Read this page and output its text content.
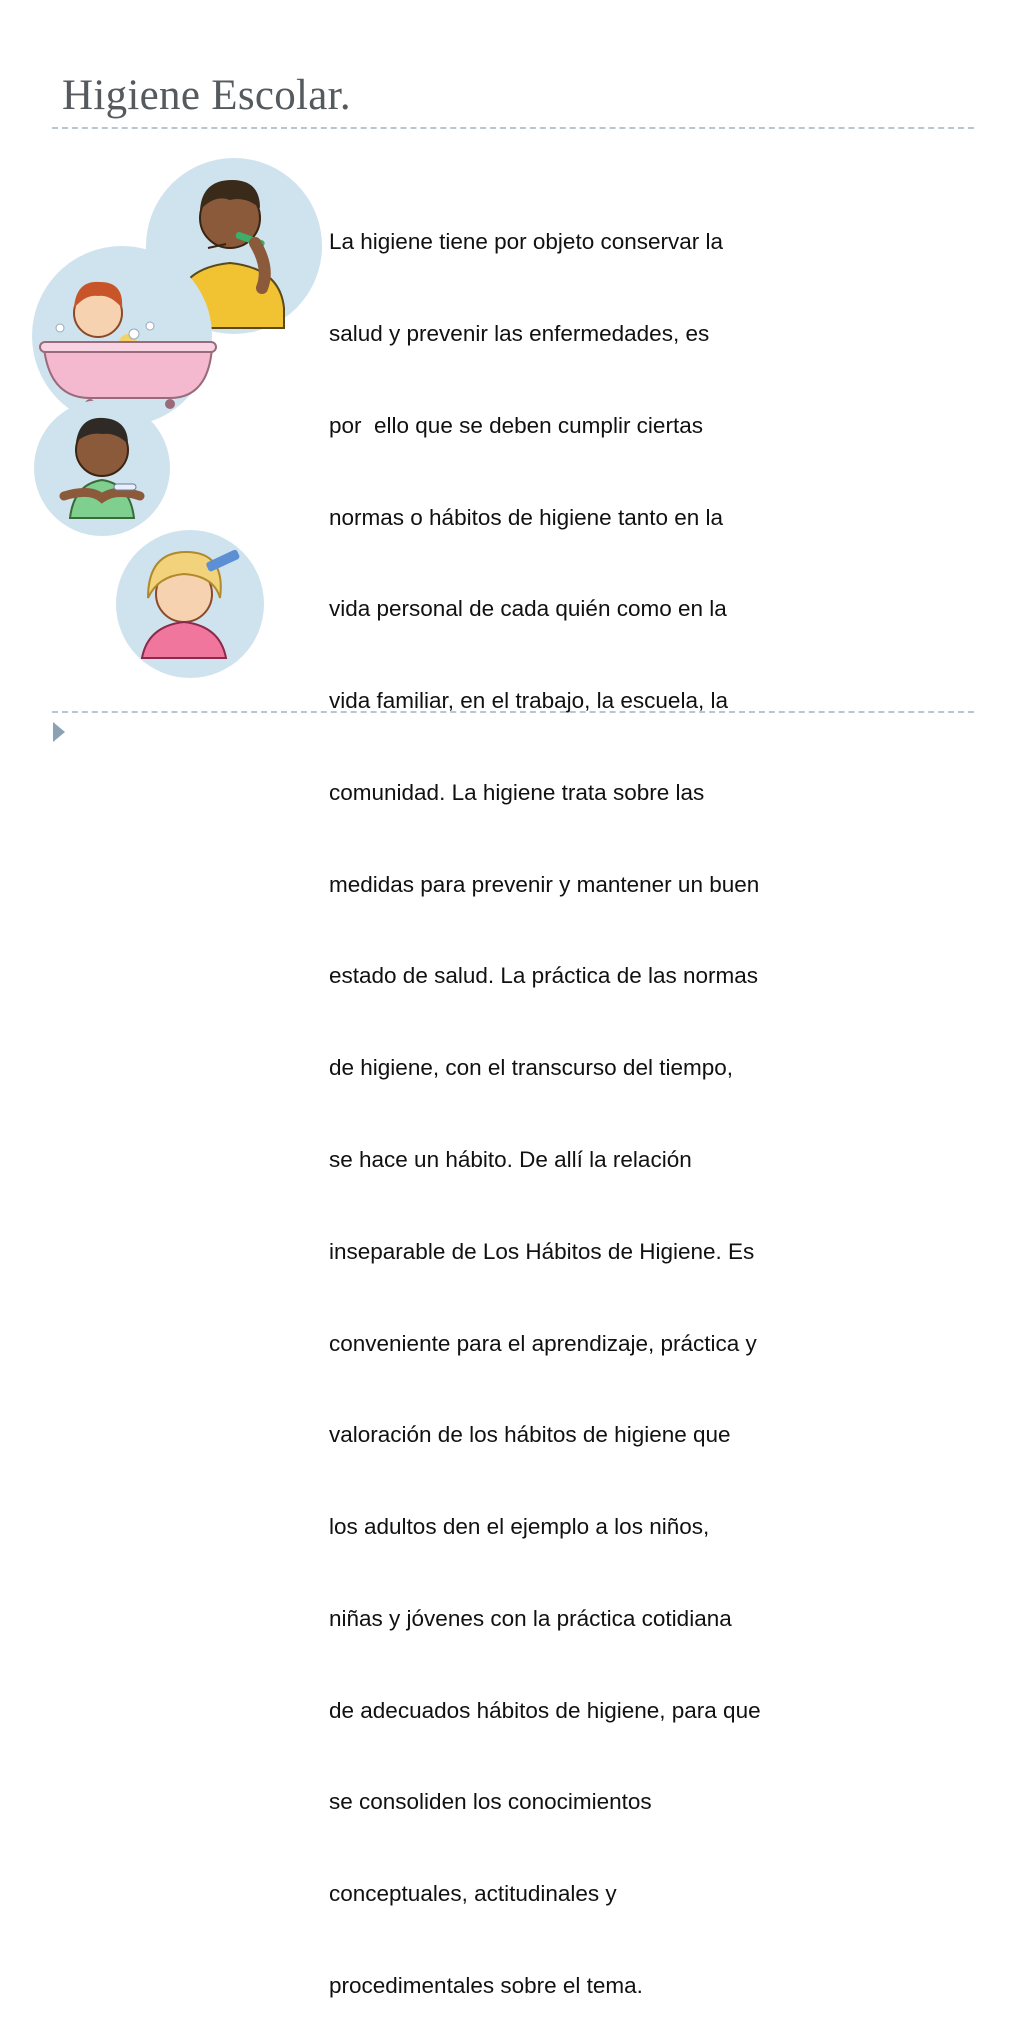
Higiene Escolar.

La higiene tiene por objeto conservar la

salud y prevenir las enfermedades, es

por  ello que se deben cumplir ciertas

normas o hábitos de higiene tanto en la

vida personal de cada quién como en la

vida familiar, en el trabajo, la escuela, la

comunidad. La higiene trata sobre las

medidas para prevenir y mantener un buen

estado de salud. La práctica de las normas

de higiene, con el transcurso del tiempo,

se hace un hábito. De allí la relación

inseparable de Los Hábitos de Higiene. Es

conveniente para el aprendizaje, práctica y

valoración de los hábitos de higiene que

los adultos den el ejemplo a los niños,

niñas y jóvenes con la práctica cotidiana

de adecuados hábitos de higiene, para que

se consoliden los conocimientos

conceptuales, actitudinales y

procedimentales sobre el tema.
